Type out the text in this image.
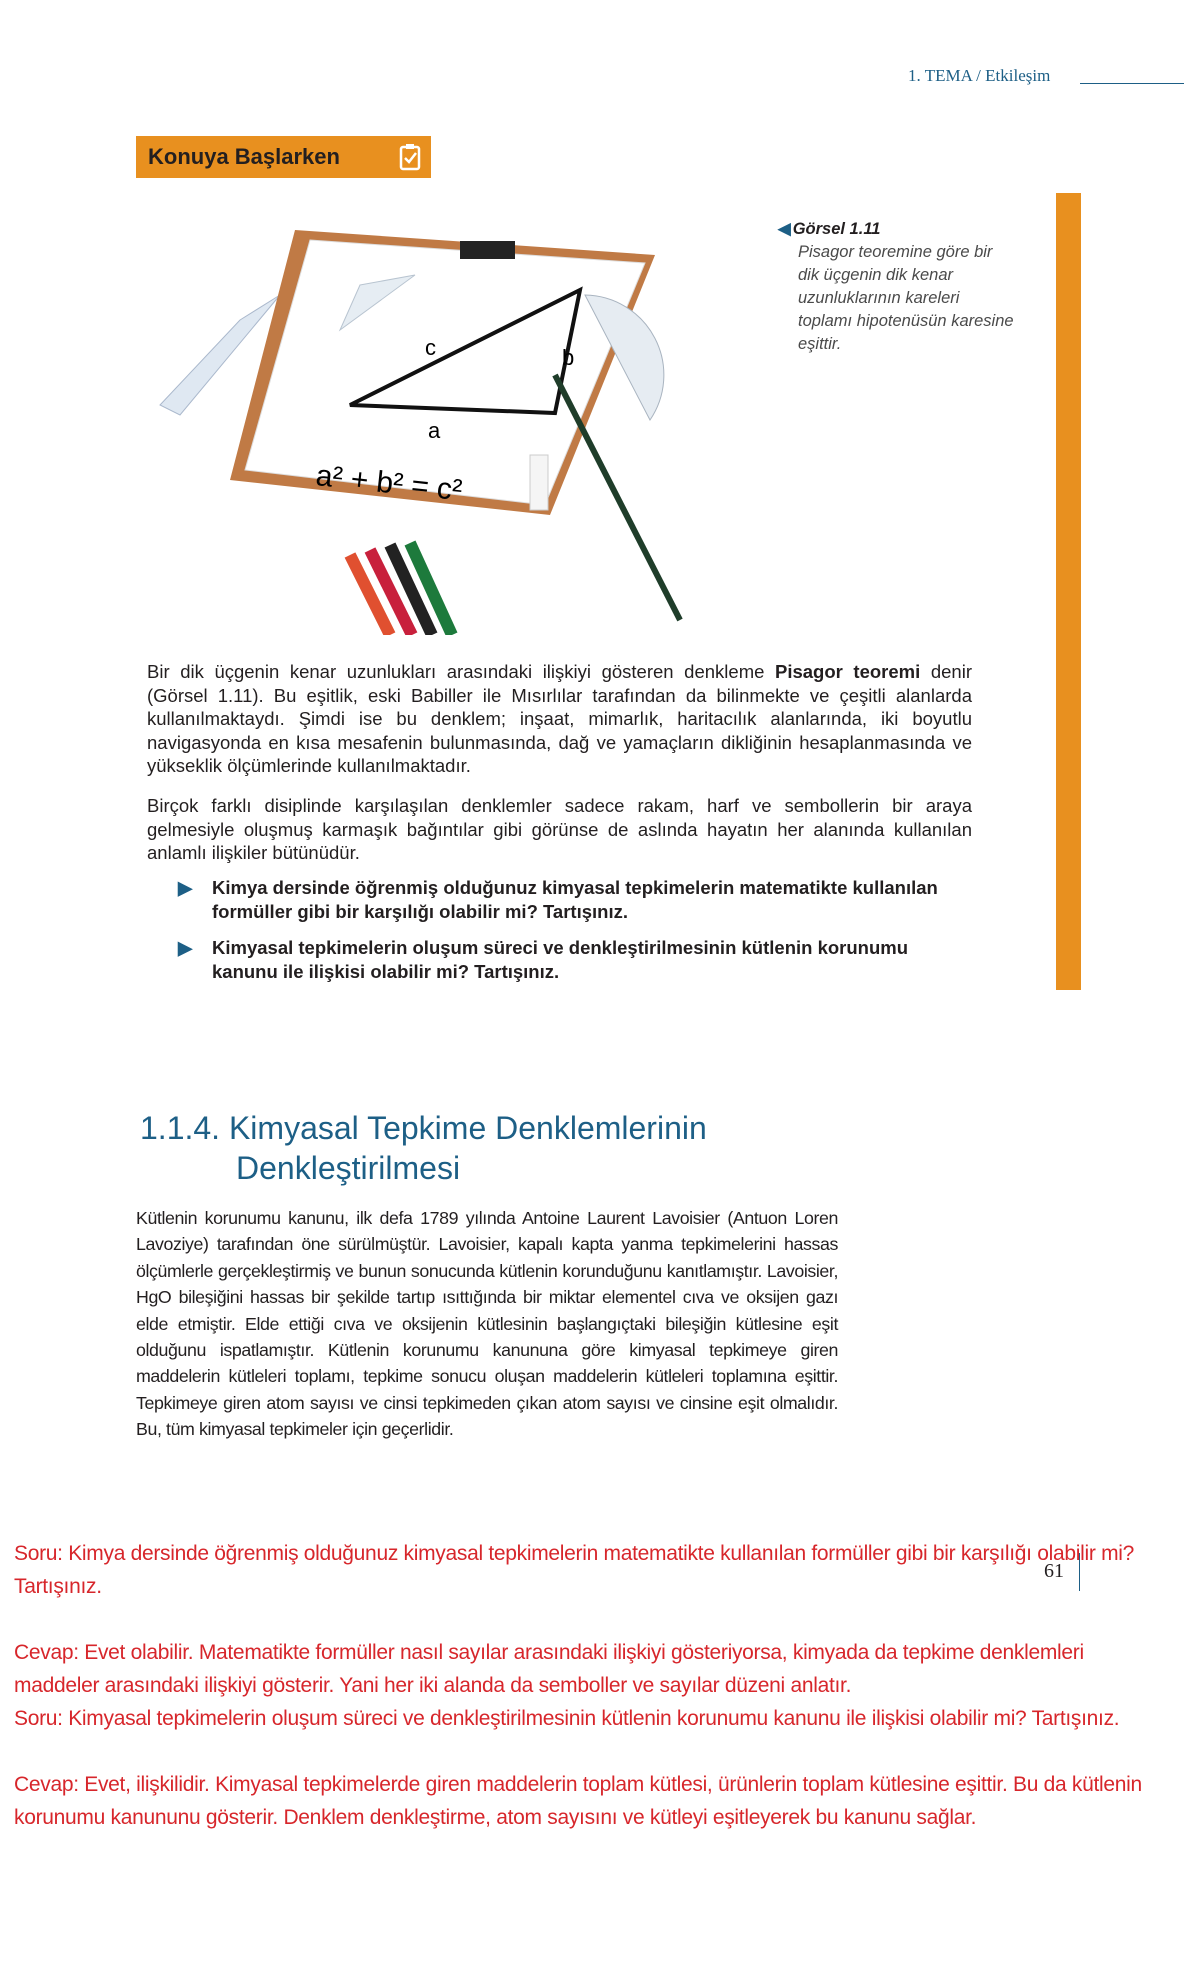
1. TEMA / Etkileşim
Konuya Başlarken
c	b
a
a² + b² = c²
◀ Görsel 1.11
Pisagor teoremine göre bir dik üçgenin dik kenar uzunluklarının kareleri toplamı hipotenüsün karesine eşittir.
Bir dik üçgenin kenar uzunlukları arasındaki ilişkiyi gösteren denkleme Pisagor teoremi denir (Görsel 1.11). Bu eşitlik, eski Babiller ile Mısırlılar tarafından da bilinmekte ve çeşitli alanlarda kullanılmaktaydı. Şimdi ise bu denklem; inşaat, mimarlık, haritacılık alanlarında, iki boyutlu navigasyonda en kısa mesafenin bulunmasında, dağ ve yamaçların dikliğinin hesaplanmasında ve yükseklik ölçümlerinde kullanılmaktadır.
Birçok farklı disiplinde karşılaşılan denklemler sadece rakam, harf ve sembollerin bir araya gelmesiyle oluşmuş karmaşık bağıntılar gibi görünse de aslında hayatın her alanında kullanılan anlamlı ilişkiler bütünüdür.
▶	Kimya dersinde öğrenmiş olduğunuz kimyasal tepkimelerin matematikte kullanılan formüller gibi bir karşılığı olabilir mi? Tartışınız.
▶	Kimyasal tepkimelerin oluşum süreci ve denkleştirilmesinin kütlenin korunumu kanunu ile ilişkisi olabilir mi? Tartışınız.
1.1.4. Kimyasal Tepkime Denklemlerinin
Denkleştirilmesi
Kütlenin korunumu kanunu, ilk defa 1789 yılında Antoine Laurent Lavoisier (Antuon Loren Lavoziye) tarafından öne sürülmüştür. Lavoisier, kapalı kapta yanma tepkimelerini hassas ölçümlerle gerçekleştirmiş ve bunun sonucunda kütlenin korunduğunu kanıtlamıştır. Lavoisier, HgO bileşiğini hassas bir şekilde tartıp ısıttığında bir miktar elementel cıva ve oksijen gazı elde etmiştir. Elde ettiği cıva ve oksijenin kütlesinin başlangıçtaki bileşiğin kütlesine eşit olduğunu ispatlamıştır. Kütlenin korunumu kanununa göre kimyasal tepkimeye giren maddelerin kütleleri toplamı, tepkime sonucu oluşan maddelerin kütleleri toplamına eşittir. Tepkimeye giren atom sayısı ve cinsi tepkimeden çıkan atom sayısı ve cinsine eşit olmalıdır. Bu, tüm kimyasal tepkimeler için geçerlidir.
61

Soru: Kimya dersinde öğrenmiş olduğunuz kimyasal tepkimelerin matematikte kullanılan formüller gibi bir karşılığı olabilir mi? Tartışınız.

Cevap: Evet olabilir. Matematikte formüller nasıl sayılar arasındaki ilişkiyi gösteriyorsa, kimyada da tepkime denklemleri maddeler arasındaki ilişkiyi gösterir. Yani her iki alanda da semboller ve sayılar düzeni anlatır.

Soru: Kimyasal tepkimelerin oluşum süreci ve denkleştirilmesinin kütlenin korunumu kanunu ile ilişkisi olabilir mi? Tartışınız.

Cevap: Evet, ilişkilidir. Kimyasal tepkimelerde giren maddelerin toplam kütlesi, ürünlerin toplam kütlesine eşittir. Bu da kütlenin korunumu kanununu gösterir. Denklem denkleştirme, atom sayısını ve kütleyi eşitleyerek bu kanunu sağlar.
